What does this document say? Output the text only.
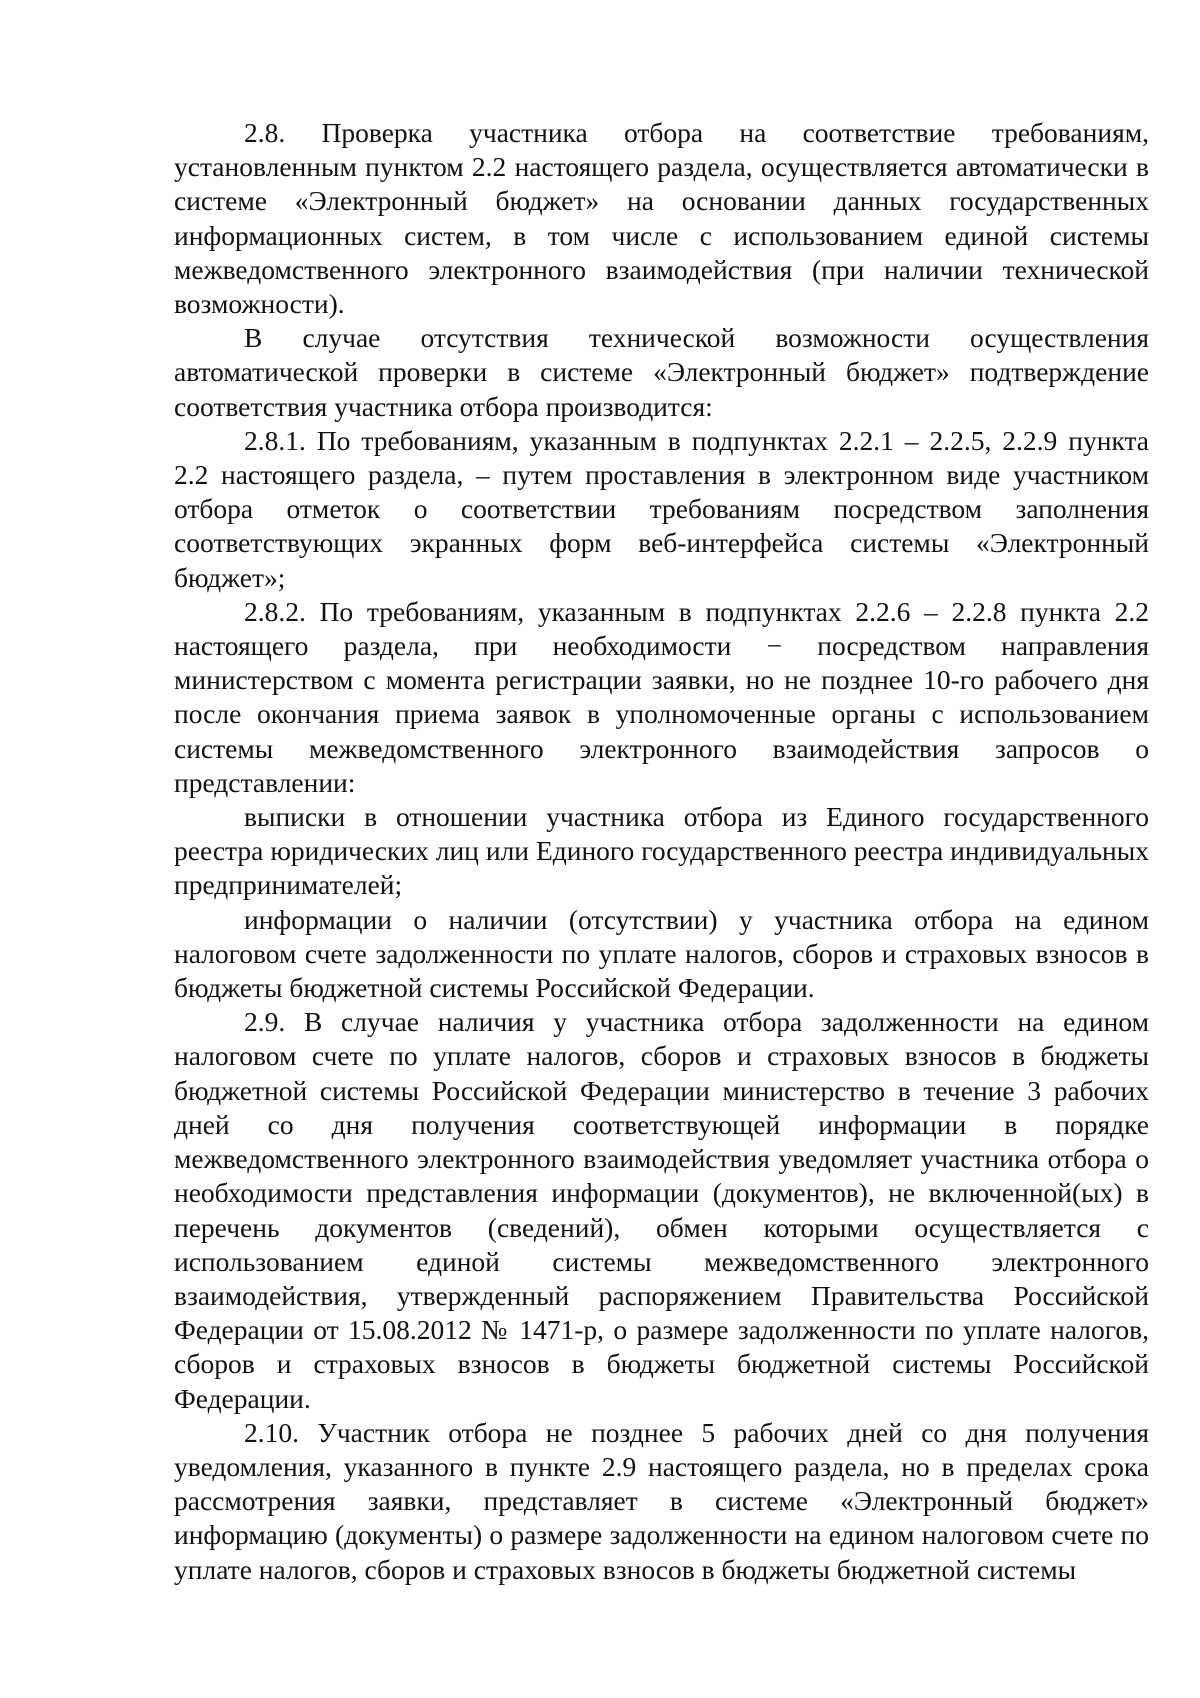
2.8. Проверка участника отбора на соответствие требованиям, установленным пунктом 2.2 настоящего раздела, осуществляется автоматически в системе «Электронный бюджет» на основании данных государственных информационных систем, в том числе с использованием единой системы межведомственного электронного взаимодействия (при наличии технической возможности).

В случае отсутствия технической возможности осуществления автоматической проверки в системе «Электронный бюджет» подтверждение соответствия участника отбора производится:

2.8.1. По требованиям, указанным в подпунктах 2.2.1 – 2.2.5, 2.2.9 пункта 2.2 настоящего раздела, – путем проставления в электронном виде участником отбора отметок о соответствии требованиям посредством заполнения соответствующих экранных форм веб-интерфейса системы «Электронный бюджет»;

2.8.2. По требованиям, указанным в подпунктах 2.2.6 – 2.2.8 пункта 2.2 настоящего раздела, при необходимости − посредством направления министерством с момента регистрации заявки, но не позднее 10-го рабочего дня после окончания приема заявок в уполномоченные органы с использованием системы межведомственного электронного взаимодействия запросов о представлении:

выписки в отношении участника отбора из Единого государственного реестра юридических лиц или Единого государственного реестра индивидуальных предпринимателей;

информации о наличии (отсутствии) у участника отбора на едином налоговом счете задолженности по уплате налогов, сборов и страховых взносов в бюджеты бюджетной системы Российской Федерации.

2.9. В случае наличия у участника отбора задолженности на едином налоговом счете по уплате налогов, сборов и страховых взносов в бюджеты бюджетной системы Российской Федерации министерство в течение 3 рабочих дней со дня получения соответствующей информации в порядке межведомственного электронного взаимодействия уведомляет участника отбора о необходимости представления информации (документов), не включенной(ых) в перечень документов (сведений), обмен которыми осуществляется с использованием единой системы межведомственного электронного взаимодействия, утвержденный распоряжением Правительства Российской Федерации от 15.08.2012 № 1471-р, о размере задолженности по уплате налогов, сборов и страховых взносов в бюджеты бюджетной системы Российской Федерации.

2.10. Участник отбора не позднее 5 рабочих дней со дня получения уведомления, указанного в пункте 2.9 настоящего раздела, но в пределах срока рассмотрения заявки, представляет в системе «Электронный бюджет» информацию (документы) о размере задолженности на едином налоговом счете по уплате налогов, сборов и страховых взносов в бюджеты бюджетной системы
